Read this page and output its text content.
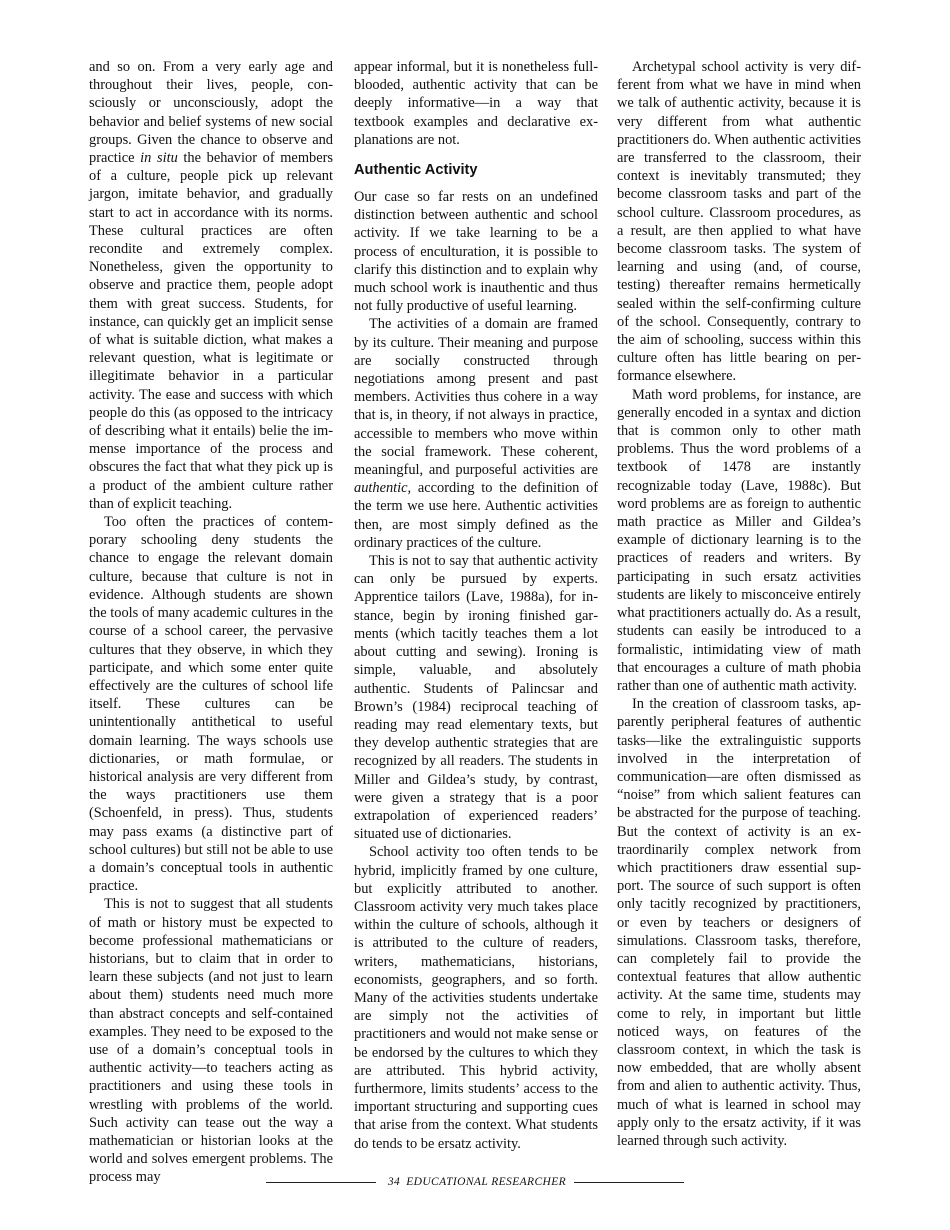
and so on. From a very early age and throughout their lives, people, consciously or unconsciously, adopt the behavior and belief systems of new social groups. Given the chance to observe and practice in situ the behavior of members of a culture, people pick up relevant jargon, imitate behavior, and gradually start to act in accordance with its norms. These cultural practices are often recondite and extremely complex. Nonetheless, given the opportunity to observe and practice them, people adopt them with great success. Students, for instance, can quickly get an implicit sense of what is suitable diction, what makes a relevant question, what is legitimate or illegitimate behavior in a particular activity. The ease and success with which people do this (as opposed to the intricacy of describing what it entails) belie the immense importance of the process and obscures the fact that what they pick up is a product of the ambient culture rather than of explicit teaching.

Too often the practices of contemporary schooling deny students the chance to engage the relevant domain culture, because that culture is not in evidence. Although students are shown the tools of many academic cultures in the course of a school career, the pervasive cultures that they observe, in which they participate, and which some enter quite effectively are the cultures of school life itself. These cultures can be unintentionally antithetical to useful domain learning. The ways schools use dictionaries, or math formulae, or historical analysis are very different from the ways practitioners use them (Schoenfeld, in press). Thus, students may pass exams (a distinctive part of school cultures) but still not be able to use a domain’s conceptual tools in authentic practice.

This is not to suggest that all students of math or history must be expected to become professional mathematicians or historians, but to claim that in order to learn these subjects (and not just to learn about them) students need much more than abstract concepts and self-contained examples. They need to be exposed to the use of a domain’s conceptual tools in authentic activity—to teachers acting as practitioners and using these tools in wrestling with problems of the world. Such activity can tease out the way a mathematician or historian looks at the world and solves emergent problems. The process may

appear informal, but it is nonetheless full-blooded, authentic activity that can be deeply informative—in a way that textbook examples and declarative explanations are not.

Authentic Activity

Our case so far rests on an undefined distinction between authentic and school activity. If we take learning to be a process of enculturation, it is possible to clarify this distinction and to explain why much school work is inauthentic and thus not fully productive of useful learning.

The activities of a domain are framed by its culture. Their meaning and purpose are socially constructed through negotiations among present and past members. Activities thus cohere in a way that is, in theory, if not always in practice, accessible to members who move within the social framework. These coherent, meaningful, and purposeful activities are authentic, according to the definition of the term we use here. Authentic activities then, are most simply defined as the ordinary practices of the culture.

This is not to say that authentic activity can only be pursued by experts. Apprentice tailors (Lave, 1988a), for instance, begin by ironing finished garments (which tacitly teaches them a lot about cutting and sewing). Ironing is simple, valuable, and absolutely authentic. Students of Palincsar and Brown’s (1984) reciprocal teaching of reading may read elementary texts, but they develop authentic strategies that are recognized by all readers. The students in Miller and Gildea’s study, by contrast, were given a strategy that is a poor extrapolation of experienced readers’ situated use of dictionaries.

School activity too often tends to be hybrid, implicitly framed by one culture, but explicitly attributed to another. Classroom activity very much takes place within the culture of schools, although it is attributed to the culture of readers, writers, mathematicians, historians, economists, geographers, and so forth. Many of the activities students undertake are simply not the activities of practitioners and would not make sense or be endorsed by the cultures to which they are attributed. This hybrid activity, furthermore, limits students’ access to the important structuring and supporting cues that arise from the context. What students do tends to be ersatz activity.

Archetypal school activity is very different from what we have in mind when we talk of authentic activity, because it is very different from what authentic practitioners do. When authentic activities are transferred to the classroom, their context is inevitably transmuted; they become classroom tasks and part of the school culture. Classroom procedures, as a result, are then applied to what have become classroom tasks. The system of learning and using (and, of course, testing) thereafter remains hermetically sealed within the self-confirming culture of the school. Consequently, contrary to the aim of schooling, success within this culture often has little bearing on performance elsewhere.

Math word problems, for instance, are generally encoded in a syntax and diction that is common only to other math problems. Thus the word problems of a textbook of 1478 are instantly recognizable today (Lave, 1988c). But word problems are as foreign to authentic math practice as Miller and Gildea’s example of dictionary learning is to the practices of readers and writers. By participating in such ersatz activities students are likely to misconceive entirely what practitioners actually do. As a result, students can easily be introduced to a formalistic, intimidating view of math that encourages a culture of math phobia rather than one of authentic math activity.

In the creation of classroom tasks, apparently peripheral features of authentic tasks—like the extralinguistic supports involved in the interpretation of communication—are often dismissed as “noise” from which salient features can be abstracted for the purpose of teaching. But the context of activity is an extraordinarily complex network from which practitioners draw essential support. The source of such support is often only tacitly recognized by practitioners, or even by teachers or designers of simulations. Classroom tasks, therefore, can completely fail to provide the contextual features that allow authentic activity. At the same time, students may come to rely, in important but little noticed ways, on features of the classroom context, in which the task is now embedded, that are wholly absent from and alien to authentic activity. Thus, much of what is learned in school may apply only to the ersatz activity, if it was learned through such activity.

34 EDUCATIONAL RESEARCHER
